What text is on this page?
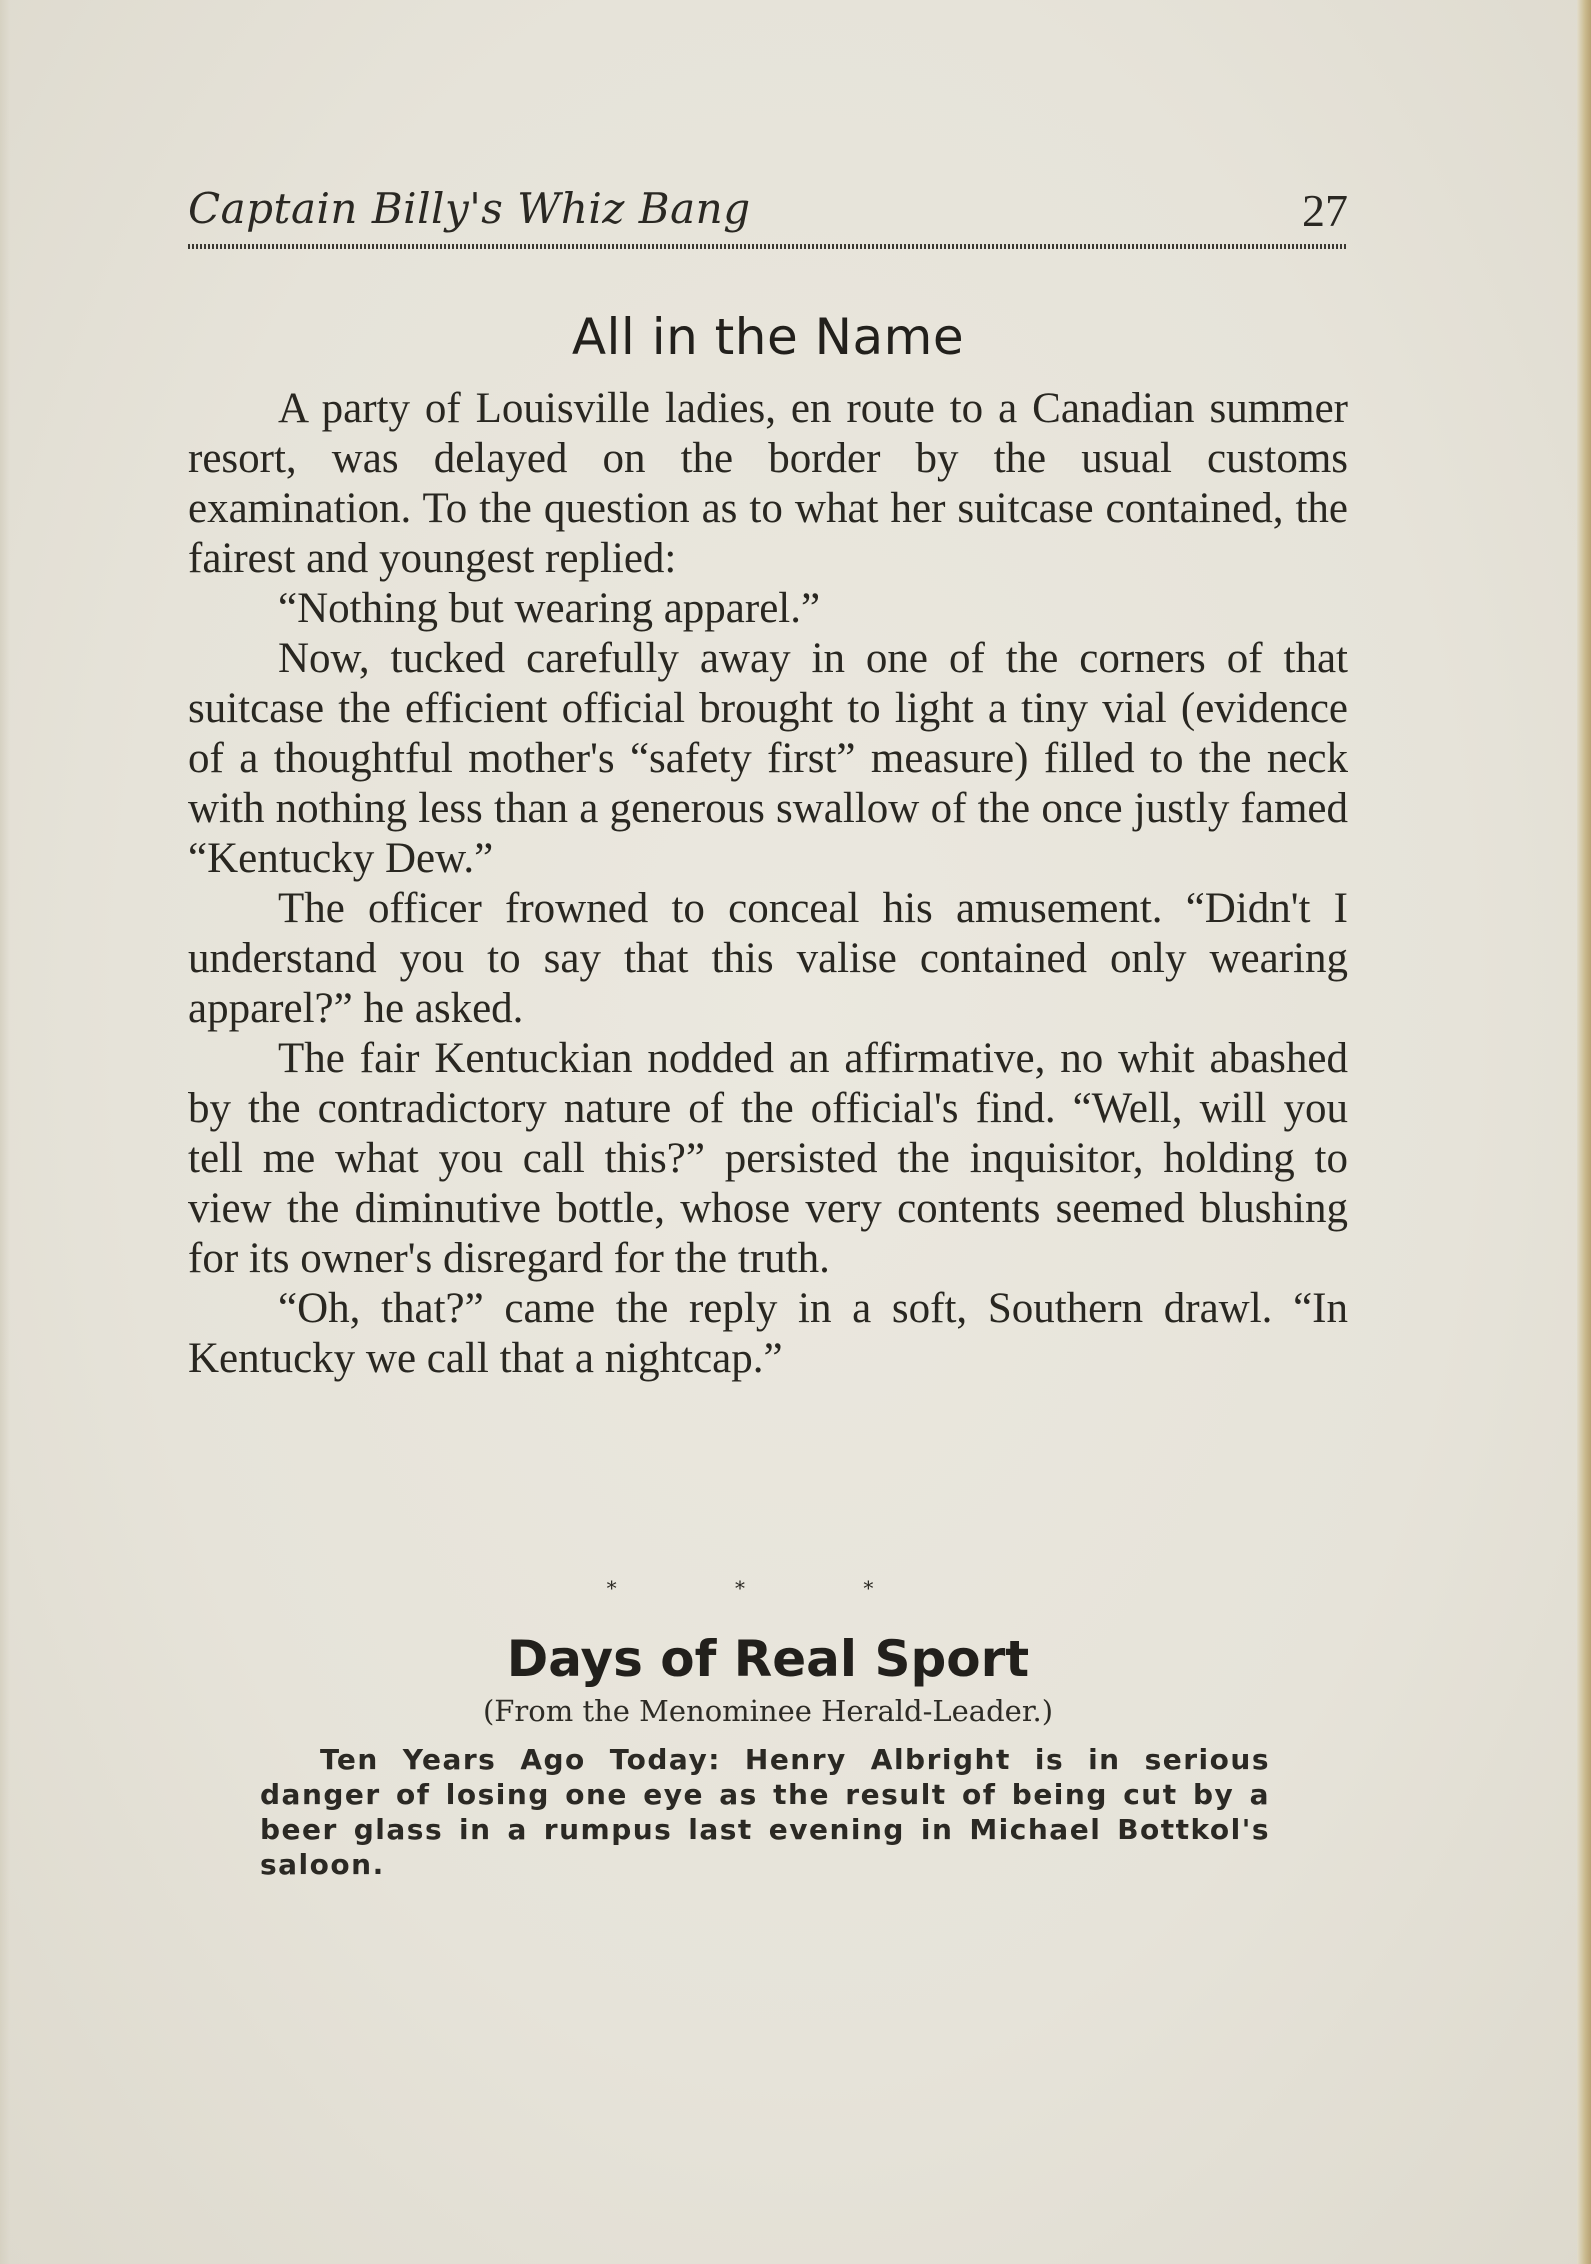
Captain Billy's Whiz Bang	27
All in the Name

A party of Louisville ladies, en route to a Canadian summer resort, was delayed on the border by the usual customs examination. To the question as to what her suitcase contained, the fairest and youngest replied:

“Nothing but wearing apparel.”

Now, tucked carefully away in one of the corners of that suitcase the efficient official brought to light a tiny vial (evidence of a thoughtful mother's “safety first” measure) filled to the neck with nothing less than a generous swallow of the once justly famed “Kentucky Dew.”

The officer frowned to conceal his amusement. “Didn't I understand you to say that this valise contained only wearing apparel?” he asked.

The fair Kentuckian nodded an affirmative, no whit abashed by the contradictory nature of the official's find. “Well, will you tell me what you call this?” persisted the inquisitor, holding to view the diminutive bottle, whose very contents seemed blushing for its owner's disregard for the truth.

“Oh, that?” came the reply in a soft, Southern drawl. “In Kentucky we call that a nightcap.”

* * *
Days of Real Sport
(From the Menominee Herald-Leader.)

Ten Years Ago Today: Henry Albright is in serious danger of losing one eye as the result of being cut by a beer glass in a rumpus last evening in Michael Bottkol's saloon.
